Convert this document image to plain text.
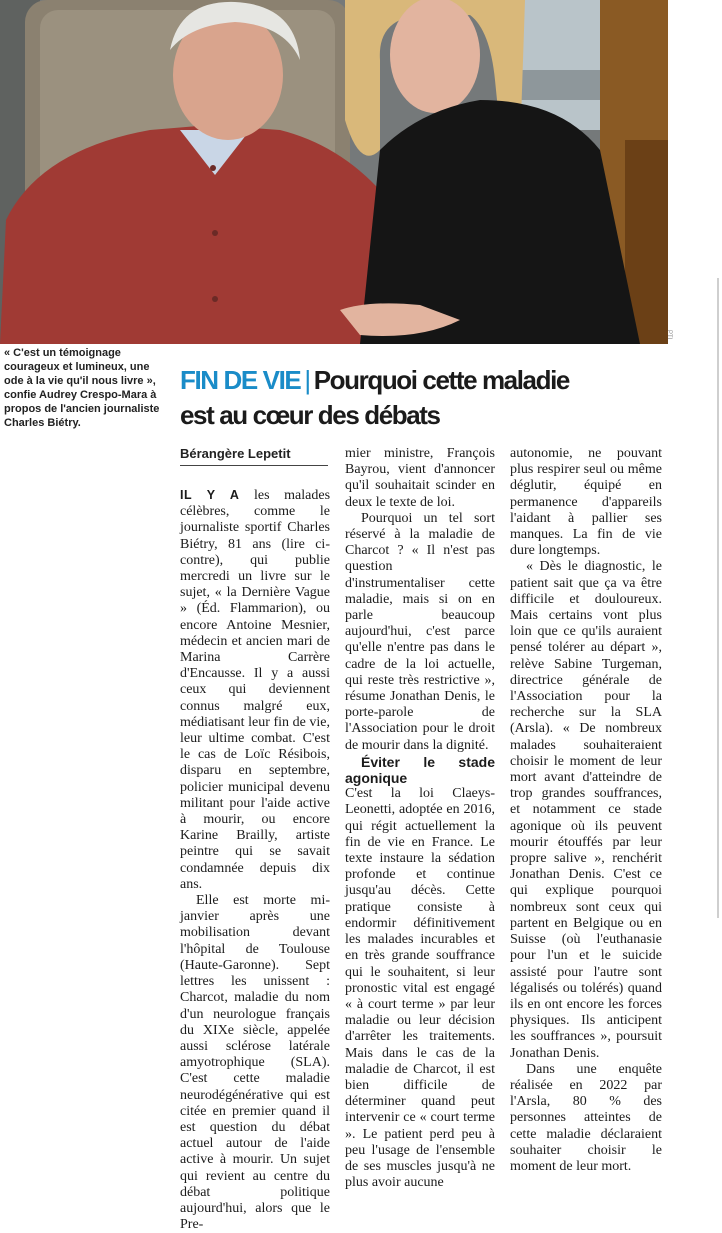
PTI
« C'est un témoignage courageux et lumineux, une ode à la vie qu'il nous livre », confie Audrey Crespo-Mara à propos de l'ancien journaliste Charles Biétry.
FIN DE VIE | Pourquoi cette maladie
est au cœur des débats
Bérangère Lepetit

IL Y A les malades célèbres, comme le journaliste sportif Charles Biétry, 81 ans (lire ci-contre), qui publie mercredi un livre sur le sujet, « la Dernière Vague » (Éd. Flammarion), ou encore Antoine Mesnier, médecin et ancien mari de Marina Carrère d'Encausse. Il y a aussi ceux qui deviennent connus malgré eux, médiatisant leur fin de vie, leur ultime combat. C'est le cas de Loïc Résibois, disparu en septembre, policier municipal devenu militant pour l'aide active à mourir, ou encore Karine Brailly, artiste peintre qui se savait condamnée depuis dix ans.

Elle est morte mi-janvier après une mobilisation devant l'hôpital de Toulouse (Haute-Garonne). Sept lettres les unissent : Charcot, maladie du nom d'un neurologue français du XIXe siècle, appelée aussi sclérose latérale amyotrophique (SLA). C'est cette maladie neurodégénérative qui est citée en premier quand il est question du débat actuel autour de l'aide active à mourir. Un sujet qui revient au centre du débat politique aujourd'hui, alors que le Pre-

mier ministre, François Bayrou, vient d'annoncer qu'il souhaitait scinder en deux le texte de loi.

Pourquoi un tel sort réservé à la maladie de Charcot ? « Il n'est pas question d'instrumentaliser cette maladie, mais si on en parle beaucoup aujourd'hui, c'est parce qu'elle n'entre pas dans le cadre de la loi actuelle, qui reste très restrictive », résume Jonathan Denis, le porte-parole de l'Association pour le droit de mourir dans la dignité.

Éviter le stade agonique

C'est la loi Claeys-Leonetti, adoptée en 2016, qui régit actuellement la fin de vie en France. Le texte instaure la sédation profonde et continue jusqu'au décès. Cette pratique consiste à endormir définitivement les malades incurables et en très grande souffrance qui le souhaitent, si leur pronostic vital est engagé « à court terme » par leur maladie ou leur décision d'arrêter les traitements. Mais dans le cas de la maladie de Charcot, il est bien difficile de déterminer quand peut intervenir ce « court terme ». Le patient perd peu à peu l'usage de l'ensemble de ses muscles jusqu'à ne plus avoir aucune

autonomie, ne pouvant plus respirer seul ou même déglutir, équipé en permanence d'appareils l'aidant à pallier ses manques. La fin de vie dure longtemps.

« Dès le diagnostic, le patient sait que ça va être difficile et douloureux. Mais certains vont plus loin que ce qu'ils auraient pensé tolérer au départ », relève Sabine Turgeman, directrice générale de l'Association pour la recherche sur la SLA (Arsla). « De nombreux malades souhaiteraient choisir le moment de leur mort avant d'atteindre de trop grandes souffrances, et notamment ce stade agonique où ils peuvent mourir étouffés par leur propre salive », renchérit Jonathan Denis. C'est ce qui explique pourquoi nombreux sont ceux qui partent en Belgique ou en Suisse (où l'euthanasie pour l'un et le suicide assisté pour l'autre sont légalisés ou tolérés) quand ils en ont encore les forces physiques. Ils anticipent les souffrances », poursuit Jonathan Denis.

Dans une enquête réalisée en 2022 par l'Arsla, 80 % des personnes atteintes de cette maladie déclaraient souhaiter choisir le moment de leur mort.
